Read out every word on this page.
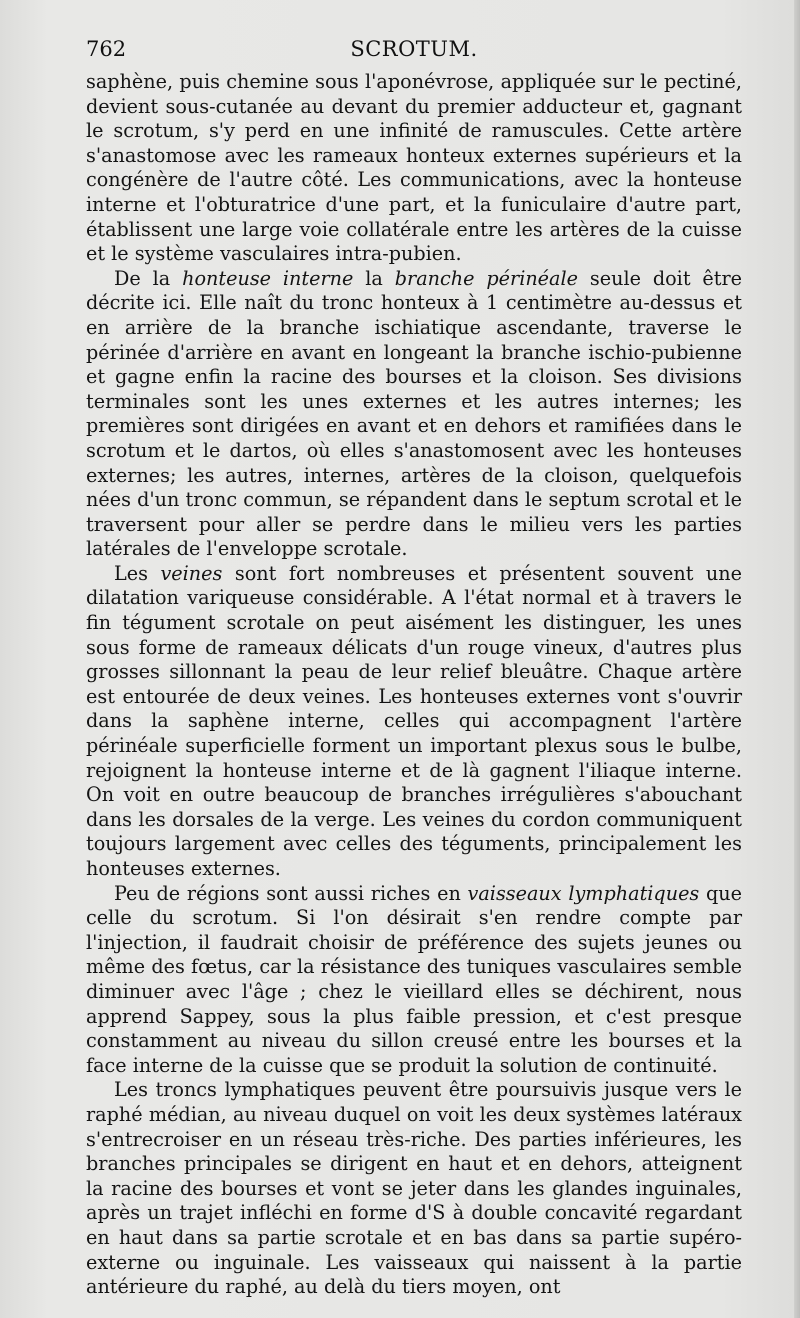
762	SCROTUM.

saphène, puis chemine sous l'aponévrose, appliquée sur le pectiné, devient sous-cutanée au devant du premier adducteur et, gagnant le scrotum, s'y perd en une infinité de ramuscules. Cette artère s'anastomose avec les rameaux honteux externes supérieurs et la congénère de l'autre côté. Les communications, avec la honteuse interne et l'obturatrice d'une part, et la funiculaire d'autre part, établissent une large voie collatérale entre les artères de la cuisse et le système vasculaires intra-pubien.

De la honteuse interne la branche périnéale seule doit être décrite ici. Elle naît du tronc honteux à 1 centimètre au-dessus et en arrière de la branche ischiatique ascendante, traverse le périnée d'arrière en avant en longeant la branche ischio-pubienne et gagne enfin la racine des bourses et la cloison. Ses divisions terminales sont les unes externes et les autres internes; les premières sont dirigées en avant et en dehors et ramifiées dans le scrotum et le dartos, où elles s'anastomosent avec les honteuses externes; les autres, internes, artères de la cloison, quelquefois nées d'un tronc commun, se répandent dans le septum scrotal et le traversent pour aller se perdre dans le milieu vers les parties latérales de l'enveloppe scrotale.

Les veines sont fort nombreuses et présentent souvent une dilatation variqueuse considérable. A l'état normal et à travers le fin tégument scrotale on peut aisément les distinguer, les unes sous forme de rameaux délicats d'un rouge vineux, d'autres plus grosses sillonnant la peau de leur relief bleuâtre. Chaque artère est entourée de deux veines. Les honteuses externes vont s'ouvrir dans la saphène interne, celles qui accompagnent l'artère périnéale superficielle forment un important plexus sous le bulbe, rejoignent la honteuse interne et de là gagnent l'iliaque interne. On voit en outre beaucoup de branches irrégulières s'abouchant dans les dorsales de la verge. Les veines du cordon communiquent toujours largement avec celles des téguments, principalement les honteuses externes.

Peu de régions sont aussi riches en vaisseaux lymphatiques que celle du scrotum. Si l'on désirait s'en rendre compte par l'injection, il faudrait choisir de préférence des sujets jeunes ou même des fœtus, car la résistance des tuniques vasculaires semble diminuer avec l'âge ; chez le vieillard elles se déchirent, nous apprend Sappey, sous la plus faible pression, et c'est presque constamment au niveau du sillon creusé entre les bourses et la face interne de la cuisse que se produit la solution de continuité.

Les troncs lymphatiques peuvent être poursuivis jusque vers le raphé médian, au niveau duquel on voit les deux systèmes latéraux s'entrecroiser en un réseau très-riche. Des parties inférieures, les branches principales se dirigent en haut et en dehors, atteignent la racine des bourses et vont se jeter dans les glandes inguinales, après un trajet infléchi en forme d'S à double concavité regardant en haut dans sa partie scrotale et en bas dans sa partie supéro-externe ou inguinale. Les vaisseaux qui naissent à la partie antérieure du raphé, au delà du tiers moyen, ont
